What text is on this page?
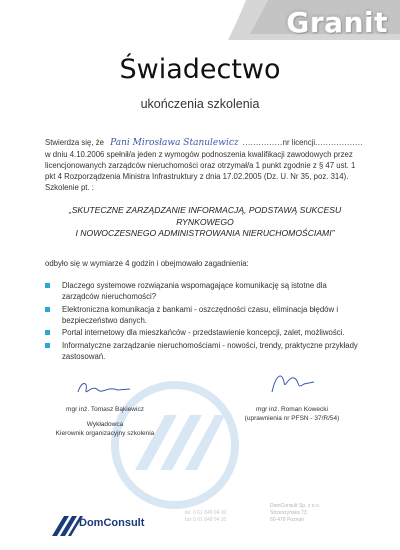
Granit
Świadectwo
ukończenia szkolenia
Stwierdza się, że Pani Mirosława Stanulewicz ...............nr licencji..................
w dniu 4.10.2006 spełnił/a jeden z wymogów podnoszenia kwalifikacji zawodowych przez licencjonowanych zarządców nieruchomości oraz otrzymał/a 1 punkt zgodnie z § 47 ust. 1 pkt 4 Rozporządzenia Ministra Infrastruktury z dnia 17.02.2005 (Dz. U. Nr 35, poz. 314). Szkolenie pt. :
„SKUTECZNE ZARZĄDZANIE INFORMACJĄ, PODSTAWĄ SUKCESU RYNKOWEGO
I NOWOCZESNEGO ADMINISTROWANIA NIERUCHOMOŚCIAMI”
odbyło się w wymiarze 4 godzin i obejmowało zagadnienia:
Dlaczego systemowe rozwiązania wspomagające komunikację są istotne dla zarządców nieruchomości?
Elektroniczna komunikacja z bankami - oszczędności czasu, eliminacja błędów i bezpieczeństwo danych.
Portal internetowy dla mieszkańców - przedstawienie koncepcji, zalet, możliwości.
Informatyczne zarządzanie nieruchomościami - nowości, trendy, praktyczne przykłady zastosowań.
mgr inż. Tomasz Bąkiewicz
Wykładowca
Kierownik organizacyjny szkolenia
mgr inż. Roman Kowecki
(uprawnienia nr PFSN - 37/R/54)
DomConsult
tel. 0 61 849 94 30
fax 0 61 849 94 31
DomConsult Sp. z o.o.
Strzeszyńska 73
60-479 Poznań
